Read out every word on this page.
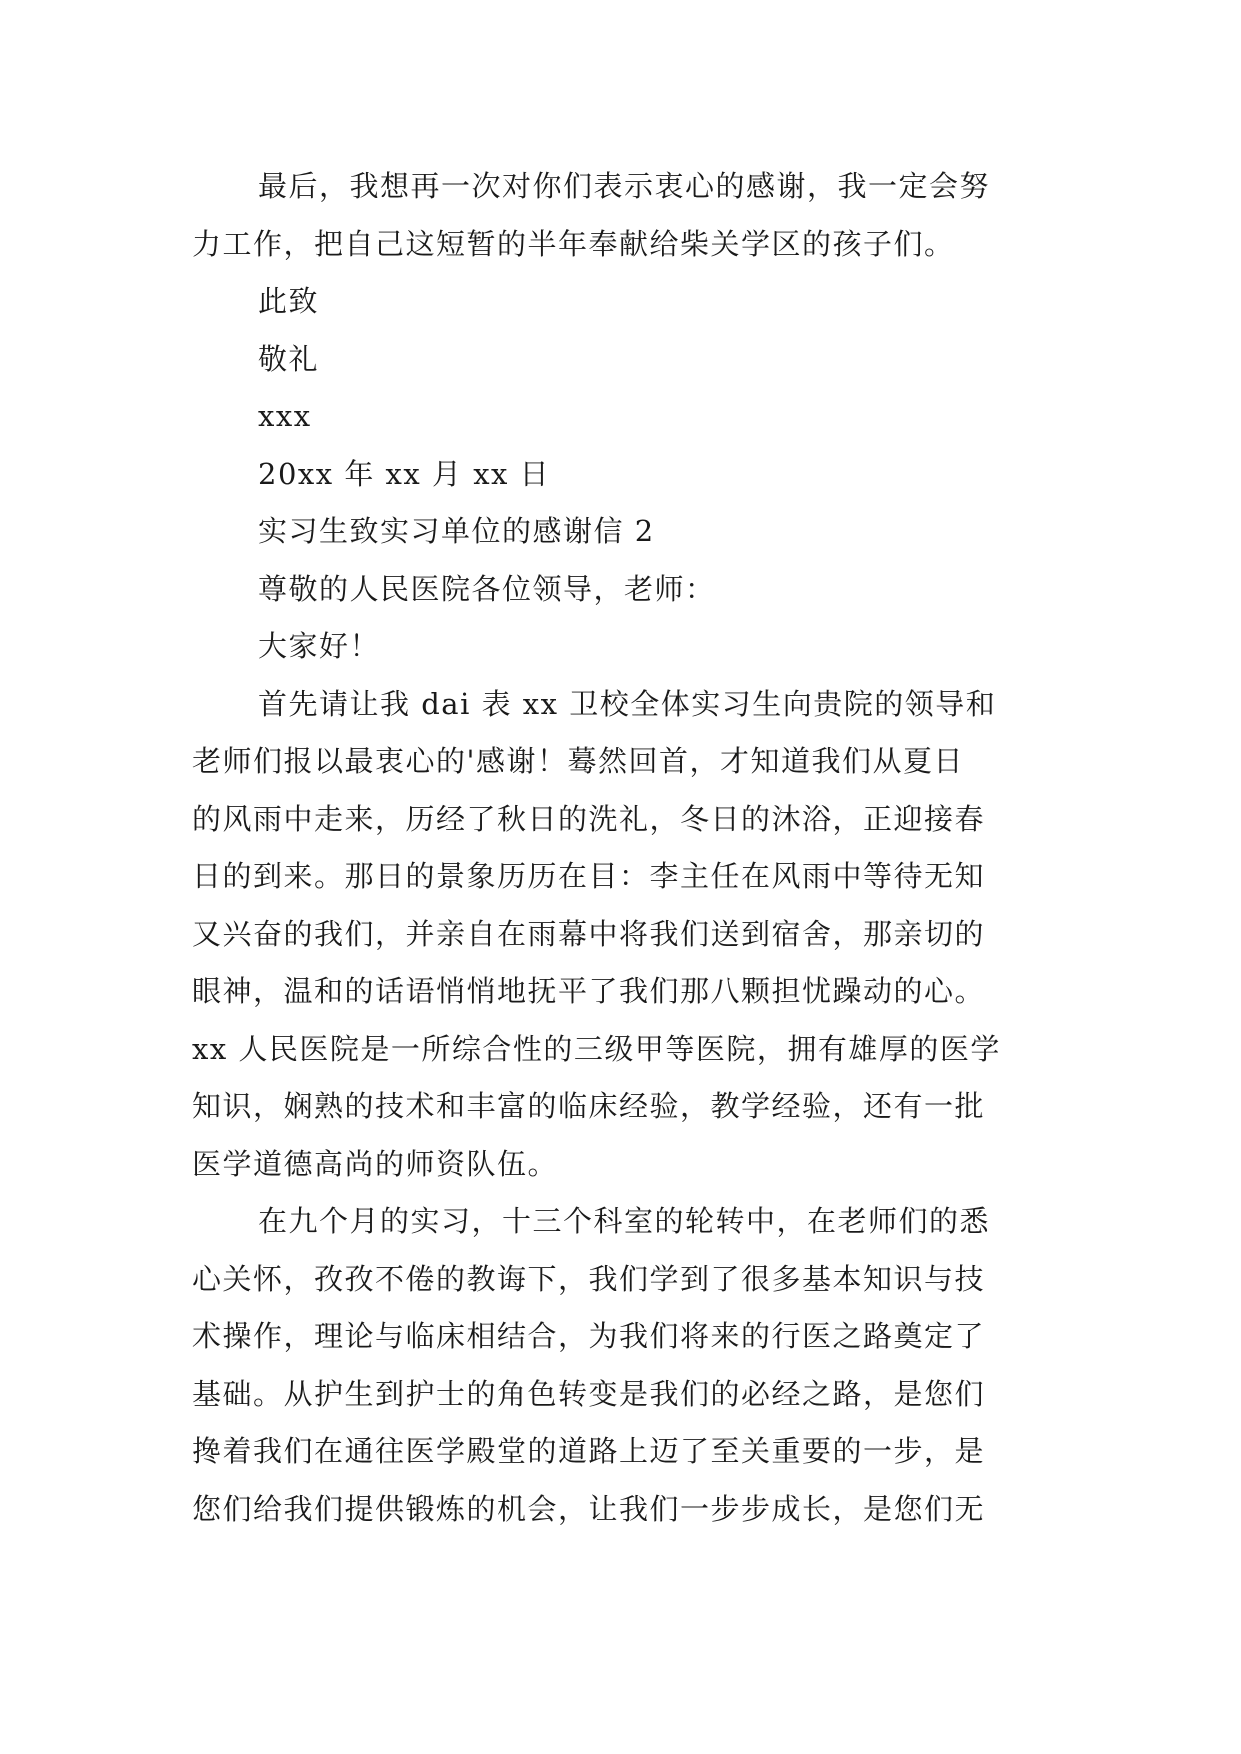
最后，我想再一次对你们表示衷心的感谢，我一定会努
力工作，把自己这短暂的半年奉献给柴关学区的孩子们。
此致
敬礼
xxx
20xx 年 xx 月 xx 日
实习生致实习单位的感谢信 2
尊敬的人民医院各位领导，老师：
大家好！
首先请让我 dai 表 xx 卫校全体实习生向贵院的领导和
老师们报以最衷心的'感谢！蓦然回首，才知道我们从夏日
的风雨中走来，历经了秋日的洗礼，冬日的沐浴，正迎接春
日的到来。那日的景象历历在目：李主任在风雨中等待无知
又兴奋的我们，并亲自在雨幕中将我们送到宿舍，那亲切的
眼神，温和的话语悄悄地抚平了我们那八颗担忧躁动的心。
xx 人民医院是一所综合性的三级甲等医院，拥有雄厚的医学
知识，娴熟的技术和丰富的临床经验，教学经验，还有一批
医学道德高尚的师资队伍。
在九个月的实习，十三个科室的轮转中，在老师们的悉
心关怀，孜孜不倦的教诲下，我们学到了很多基本知识与技
术操作，理论与临床相结合，为我们将来的行医之路奠定了
基础。从护生到护士的角色转变是我们的必经之路，是您们
搀着我们在通往医学殿堂的道路上迈了至关重要的一步，是
您们给我们提供锻炼的机会，让我们一步步成长，是您们无
